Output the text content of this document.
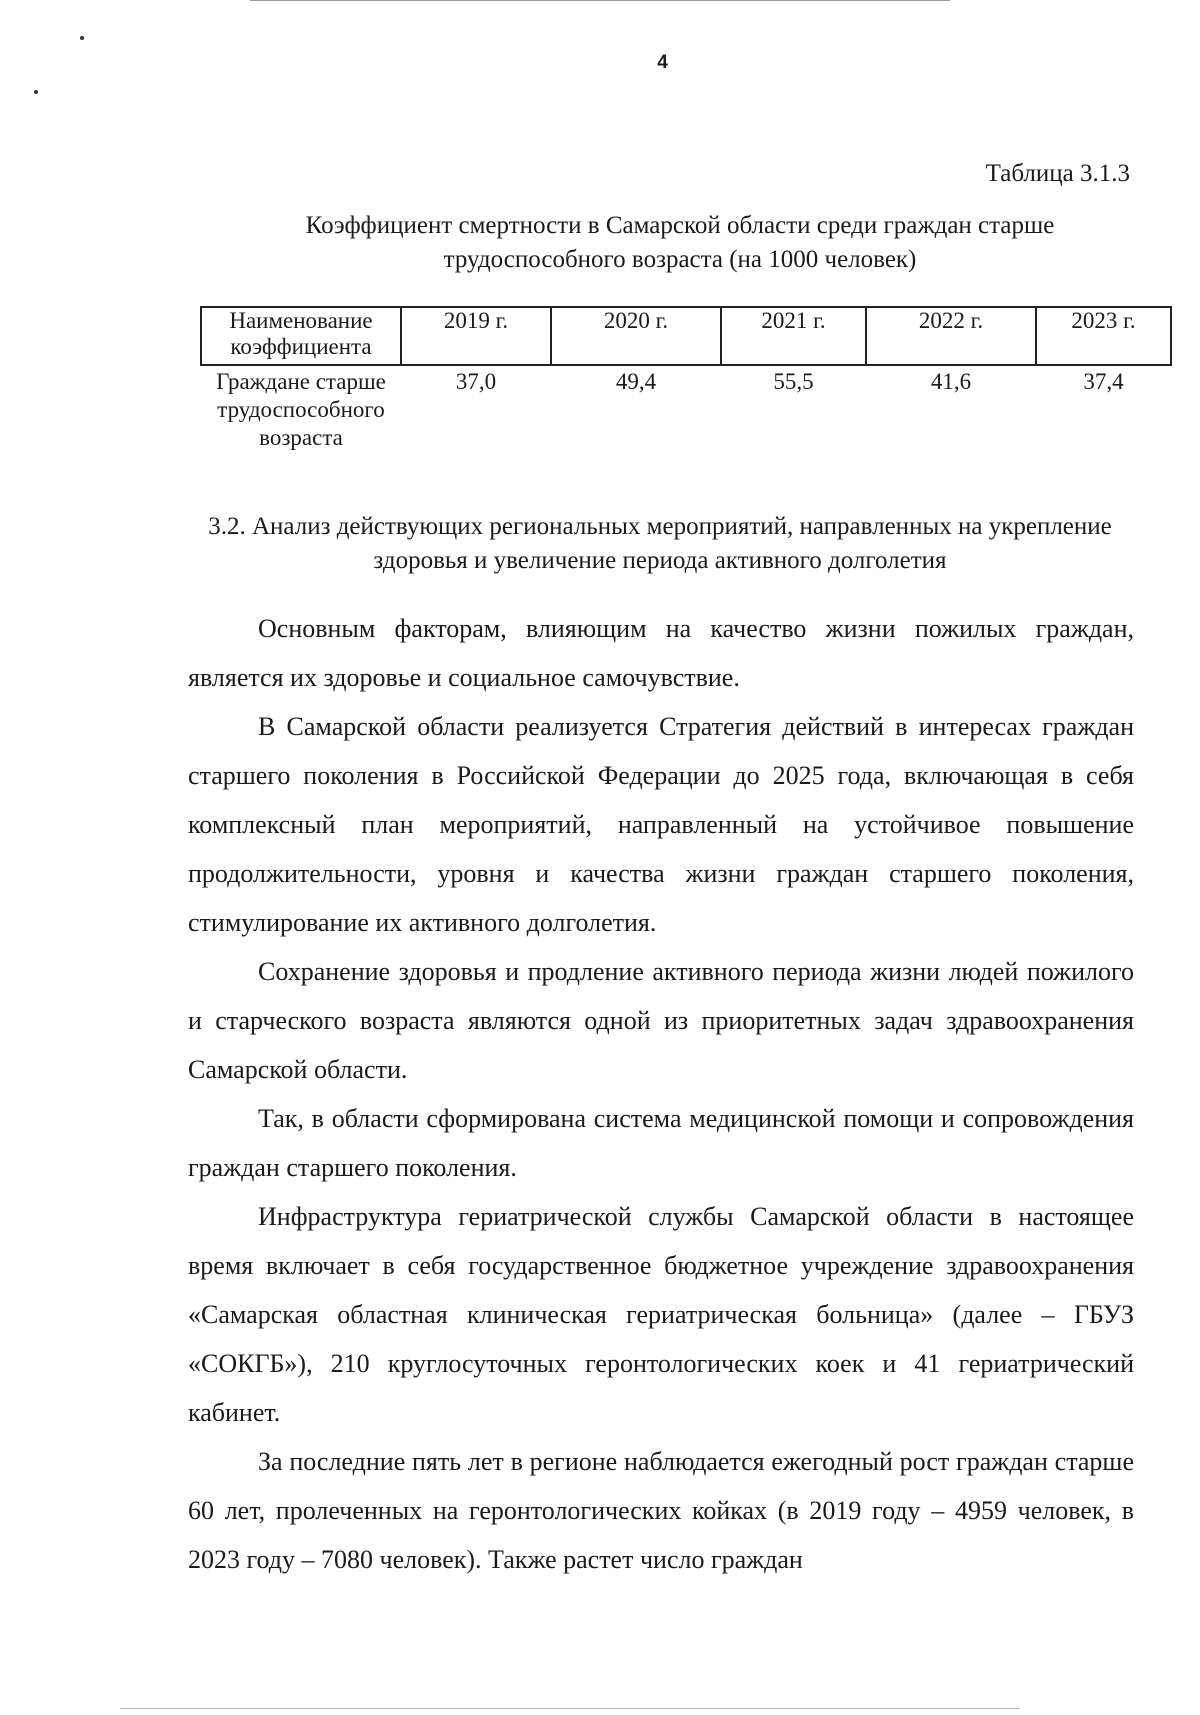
4
Таблица 3.1.3
Коэффициент смертности в Самарской области среди граждан старше трудоспособного возраста (на 1000 человек)
Наименование коэффициента	2019 г.	2020 г.	2021 г.	2022 г.	2023 г.
Граждане старше трудоспособного возраста	37,0	49,4	55,5	41,6	37,4
3.2. Анализ действующих региональных мероприятий, направленных на укрепление здоровья и увеличение периода активного долголетия

Основным факторам, влияющим на качество жизни пожилых граждан, является их здоровье и социальное самочувствие.

В Самарской области реализуется Стратегия действий в интересах граждан старшего поколения в Российской Федерации до 2025 года, включающая в себя комплексный план мероприятий, направленный на устойчивое повышение продолжительности, уровня и качества жизни граждан старшего поколения, стимулирование их активного долголетия.

Сохранение здоровья и продление активного периода жизни людей пожилого и старческого возраста являются одной из приоритетных задач здравоохранения Самарской области.

Так, в области сформирована система медицинской помощи и сопровождения граждан старшего поколения.

Инфраструктура гериатрической службы Самарской области в настоящее время включает в себя государственное бюджетное учреждение здравоохранения «Самарская областная клиническая гериатрическая больница» (далее – ГБУЗ «СОКГБ»), 210 круглосуточных геронтологических коек и 41 гериатрический кабинет.

За последние пять лет в регионе наблюдается ежегодный рост граждан старше 60 лет, пролеченных на геронтологических койках (в 2019 году – 4959 человек, в 2023 году – 7080 человек). Также растет число граждан
